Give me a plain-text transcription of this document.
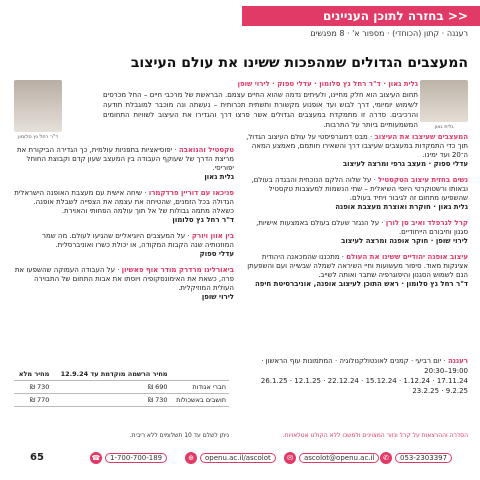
בחזרה לתוכן העניינים >>
רעננה · קתון (הכוחדי) · מספור א' · 8 מפגשים
המעצבים הגדולים שמהפכות ששינו את עולם העיצוב
גלית גאון
ד"ר רחל גץ סלומון
גלית גאון · ד"ר רחל גץ סלומון · עדלי ספוק · לירוי שופן
תחום העיצוב הוא חלק מחיינו, ולעיתים נדמה שהוא החיים עצמם. הבראשת של מרכבי חיים – החל מכרסים לשימוש יומיומי, דרך לבוש ועד אופנוע מקשורת ותשתית תכרותית – נעשתה ונה מוכבר למוגבלת תודעה והרכיבים. סדרה זו מתמקדת במעצבים הגדולים אשר פרצו דרך והגדירו את העיצוב לשוויות התחומים המשמעותיים ביותר על התרבות.
המעצבים שעיצבו את העיצוב · מבט דמוגרפיסטי על עולם העיצוב הגדול, תוך כדי התמקדות במעצבים שעיצבו דרך והשאירו חותמם, מאמצע המאה ה־20 ועד ימינו.
עדלי ספוק · מעצב גרפי ומרצה לעיצוב
נשים בחזית עיצוב הטקסטיל · על שלוה הלקם הנוכחית והבגדה בעולם, ובאותו ורשטוקרטי היופי השיאלית – שתי הנשמות למעצבות טקסטיל שהשפיעו מתחום זה לגיבור ויחיד בעולם.
גלית גאון · חוקרת ואוצרת מעצבת אופנה
קרל לגרפלד ואיב סן לורן · על הנגזר שעלם בעולם באמצעות אישיות, סגנון וחיבורם הייחודיים.
לירוי שופן · חוקר אופנה ומרצה לעיצוב
עיצוב אופנה יהודיים ששינו את העולם · מתכננו שהמכאנה היהודית אצינקות מאוד. סיפור מעשועות וחיי השיראה לשמלה שבשייה ועם והשפעתן הנם לשמוש הסגנון והיפוגרפיה שתבר ואותה לשייב.
ד"ר רחל גץ סלומון · ראש התוכן לעיצוב אופנה, אוניברסיטת חיפה
טקסטיל והנואבה · יפוסיאציות בתפניות עולמית, כך הגדירה הביקורת את מריצת הדרך של שעוקף העבודה בין המעצב שעון קדם וקבוצת החוחל יפוריסי.
גלית גאון
פניכאו עם דוריין פרדקמרו · שיחה אישית עם מעצבת האופנה הישראלית הגדולה בכל הזמנים, שהטיחה את עצמה את הצפייה לשבלת אופנה. כשאלה מתמה גבולות של אל תוך עולמה הפחותי והאוירת.
ד"ר רחל גץ סלומון
בין אוון ויורק · על המעצבים היוגיאליים שהגיעו לעולם. מה שמר המוזנותיה שנה הקבות המקודה, או יכולת כשרו ואוניברסלית.
עדלי ספוק
ביאורלינו מרדרק מודר אוף פאשיון · על העבודה העמוקה שהשפעו את פרה, כשאת את האימונסקופיה ויוסתו את אבות התחום של התבוירה העולית המוזיקלית.
לירוי שופן
רעננה · יום רביעי · קמנים לאונטולקנולוגיה · המתמונות עוף הראשון · 19:00–20:30
17.11.24 · 1.12.24 · 15.12.24 · 22.12.24 · 12.1.25 · 26.1.25
9.2.25 · 23.2.25
	מחיר הרשמה מוקדמת עד 12.9.24	מחיר מלא
חברי אגודות	690 ₪	730 ₪
תושבים באשכולות	730 ₪	770 ₪
ניתן לשלם עד 10 תשלומים ללא ריבית.	הסדרה וההרצאות על קרל ונזור המצוינים ולמשכו ללא הקולנו אטלאויות.
65	☎	1-700-700-189	⊕	openu.ac.il/ascolot	✉	ascolot@openu.ac.il	✆	053-2303397
